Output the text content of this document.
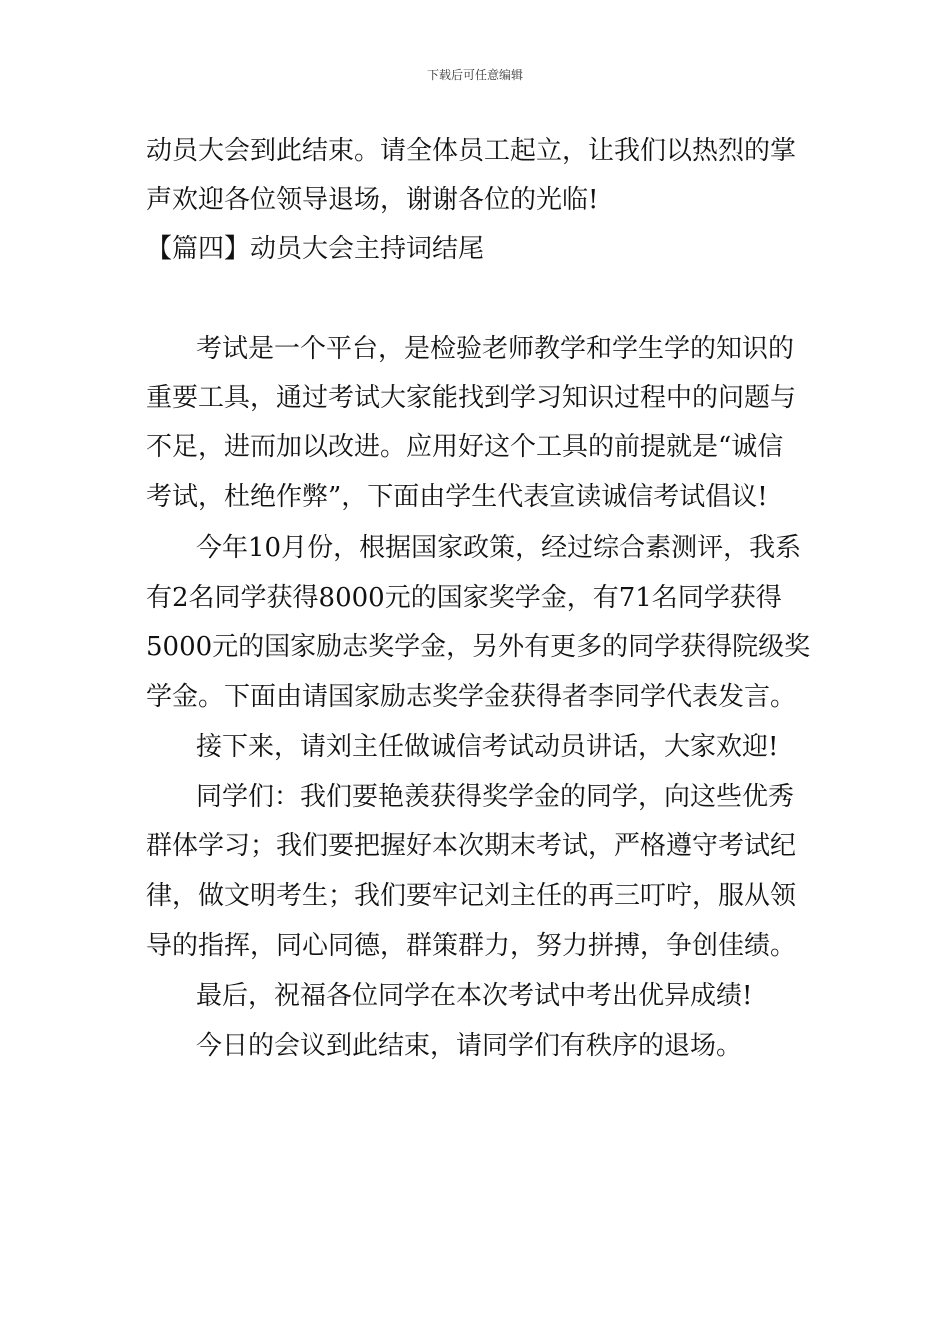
下载后可任意编辑
动员大会到此结束。请全体员工起立，让我们以热烈的掌
声欢迎各位领导退场，谢谢各位的光临!
【篇四】动员大会主持词结尾
考试是一个平台，是检验老师教学和学生学的知识的
重要工具，通过考试大家能找到学习知识过程中的问题与
不足，进而加以改进。应用好这个工具的前提就是“诚信
考试，杜绝作弊”，下面由学生代表宣读诚信考试倡议!
今年10月份，根据国家政策，经过综合素测评，我系
有2名同学获得8000元的国家奖学金，有71名同学获得
5000元的国家励志奖学金，另外有更多的同学获得院级奖
学金。下面由请国家励志奖学金获得者李同学代表发言。
接下来，请刘主任做诚信考试动员讲话，大家欢迎!
同学们：我们要艳羡获得奖学金的同学，向这些优秀
群体学习；我们要把握好本次期末考试，严格遵守考试纪
律，做文明考生；我们要牢记刘主任的再三叮咛，服从领
导的指挥，同心同德，群策群力，努力拼搏，争创佳绩。
最后，祝福各位同学在本次考试中考出优异成绩!
今日的会议到此结束，请同学们有秩序的退场。
